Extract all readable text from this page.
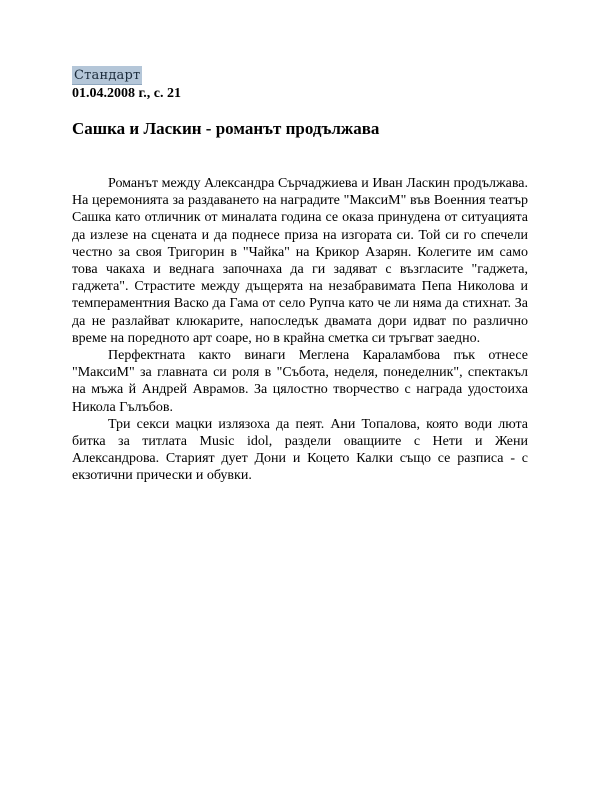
Стандарт
01.04.2008 г., с. 21
Сашка и Ласкин - романът продължава

Романът между Александра Сърчаджиева и Иван Ласкин продължава. На церемонията за раздаването на наградите "МаксиМ" във Военния театър Сашка като отличник от миналата година се оказа принудена от ситуацията да излезе на сцената и да поднесе приза на изгората си. Той си го спечели честно за своя Тригорин в "Чайка" на Крикор Азарян. Колегите им само това чакаха и веднага започнаха да ги задяват с възгласите "гаджета, гаджета". Страстите между дъщерята на незабравимата Пепа Николова и темпераментния Васко да Гама от село Рупча като че ли няма да стихнат. За да не разлайват клюкарите, напоследък двамата дори идват по различно време на поредното арт соаре, но в крайна сметка си тръгват заедно.

Перфектната както винаги Меглена Караламбова пък отнесе "МаксиМ" за главната си роля в "Събота, неделя, понеделник", спектакъл на мъжа й Андрей Аврамов. За цялостно творчество с награда удостоиха Никола Гълъбов.

Три секси мацки излязоха да пеят. Ани Топалова, която води люта битка за титлата Music idol, раздели оващиите с Нети и Жени Александрова. Старият дует Дони и Коцето Калки също се разписа - с екзотични прически и обувки.
